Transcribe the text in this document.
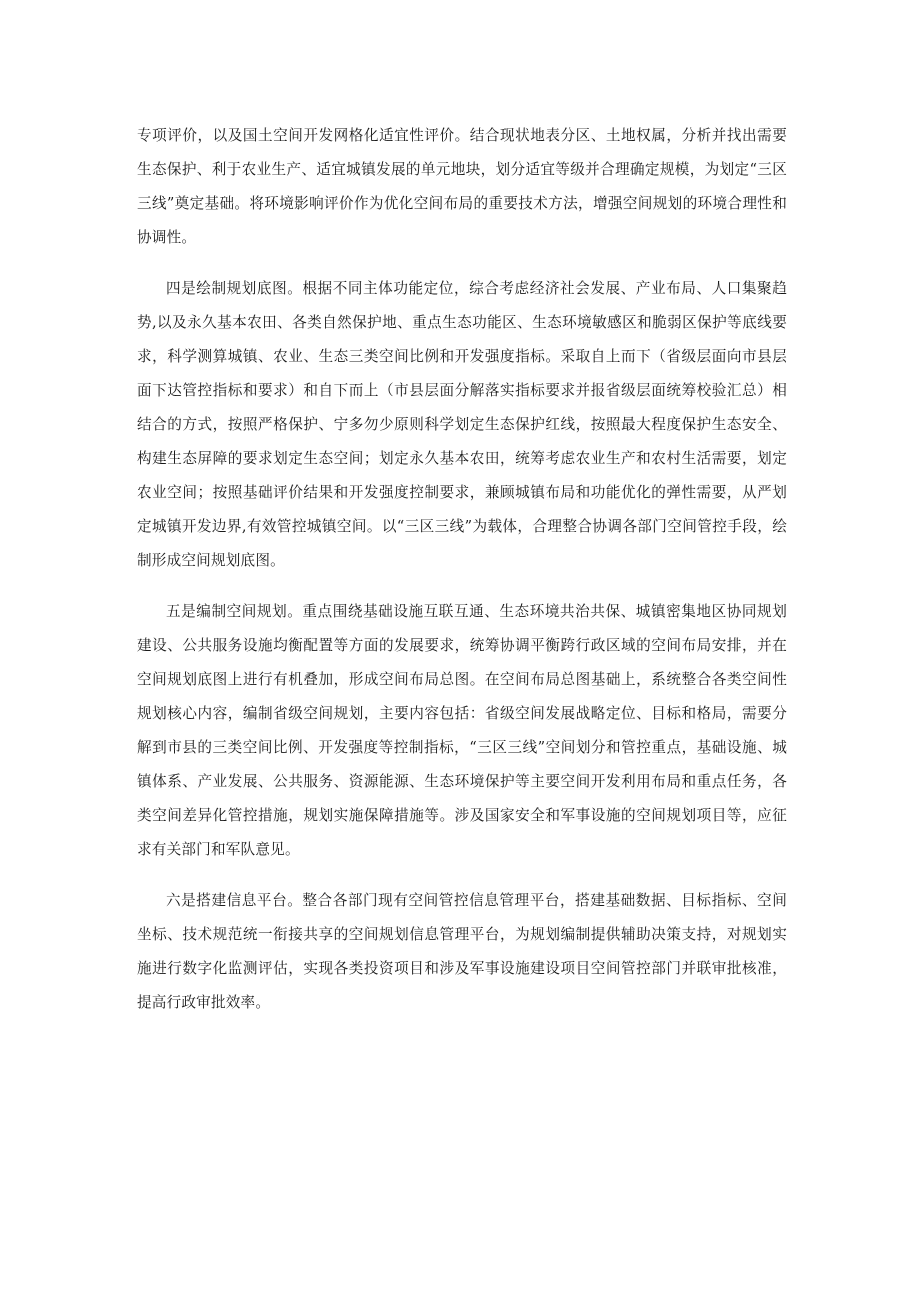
专项评价，以及国土空间开发网格化适宜性评价。结合现状地表分区、土地权属，分析并找出需要生态保护、利于农业生产、适宜城镇发展的单元地块，划分适宜等级并合理确定规模，为划定“三区三线”奠定基础。将环境影响评价作为优化空间布局的重要技术方法，增强空间规划的环境合理性和协调性。

四是绘制规划底图。根据不同主体功能定位，综合考虑经济社会发展、产业布局、人口集聚趋势,以及永久基本农田、各类自然保护地、重点生态功能区、生态环境敏感区和脆弱区保护等底线要求，科学测算城镇、农业、生态三类空间比例和开发强度指标。采取自上而下（省级层面向市县层面下达管控指标和要求）和自下而上（市县层面分解落实指标要求并报省级层面统筹校验汇总）相结合的方式，按照严格保护、宁多勿少原则科学划定生态保护红线，按照最大程度保护生态安全、构建生态屏障的要求划定生态空间；划定永久基本农田，统筹考虑农业生产和农村生活需要，划定农业空间；按照基础评价结果和开发强度控制要求，兼顾城镇布局和功能优化的弹性需要，从严划定城镇开发边界,有效管控城镇空间。以“三区三线”为载体，合理整合协调各部门空间管控手段，绘制形成空间规划底图。

五是编制空间规划。重点围绕基础设施互联互通、生态环境共治共保、城镇密集地区协同规划建设、公共服务设施均衡配置等方面的发展要求，统筹协调平衡跨行政区域的空间布局安排，并在空间规划底图上进行有机叠加，形成空间布局总图。在空间布局总图基础上，系统整合各类空间性规划核心内容，编制省级空间规划，主要内容包括：省级空间发展战略定位、目标和格局，需要分解到市县的三类空间比例、开发强度等控制指标，“三区三线”空间划分和管控重点，基础设施、城镇体系、产业发展、公共服务、资源能源、生态环境保护等主要空间开发利用布局和重点任务，各类空间差异化管控措施，规划实施保障措施等。涉及国家安全和军事设施的空间规划项目等，应征求有关部门和军队意见。

六是搭建信息平台。整合各部门现有空间管控信息管理平台，搭建基础数据、目标指标、空间坐标、技术规范统一衔接共享的空间规划信息管理平台，为规划编制提供辅助决策支持，对规划实施进行数字化监测评估，实现各类投资项目和涉及军事设施建设项目空间管控部门并联审批核准，提高行政审批效率。
